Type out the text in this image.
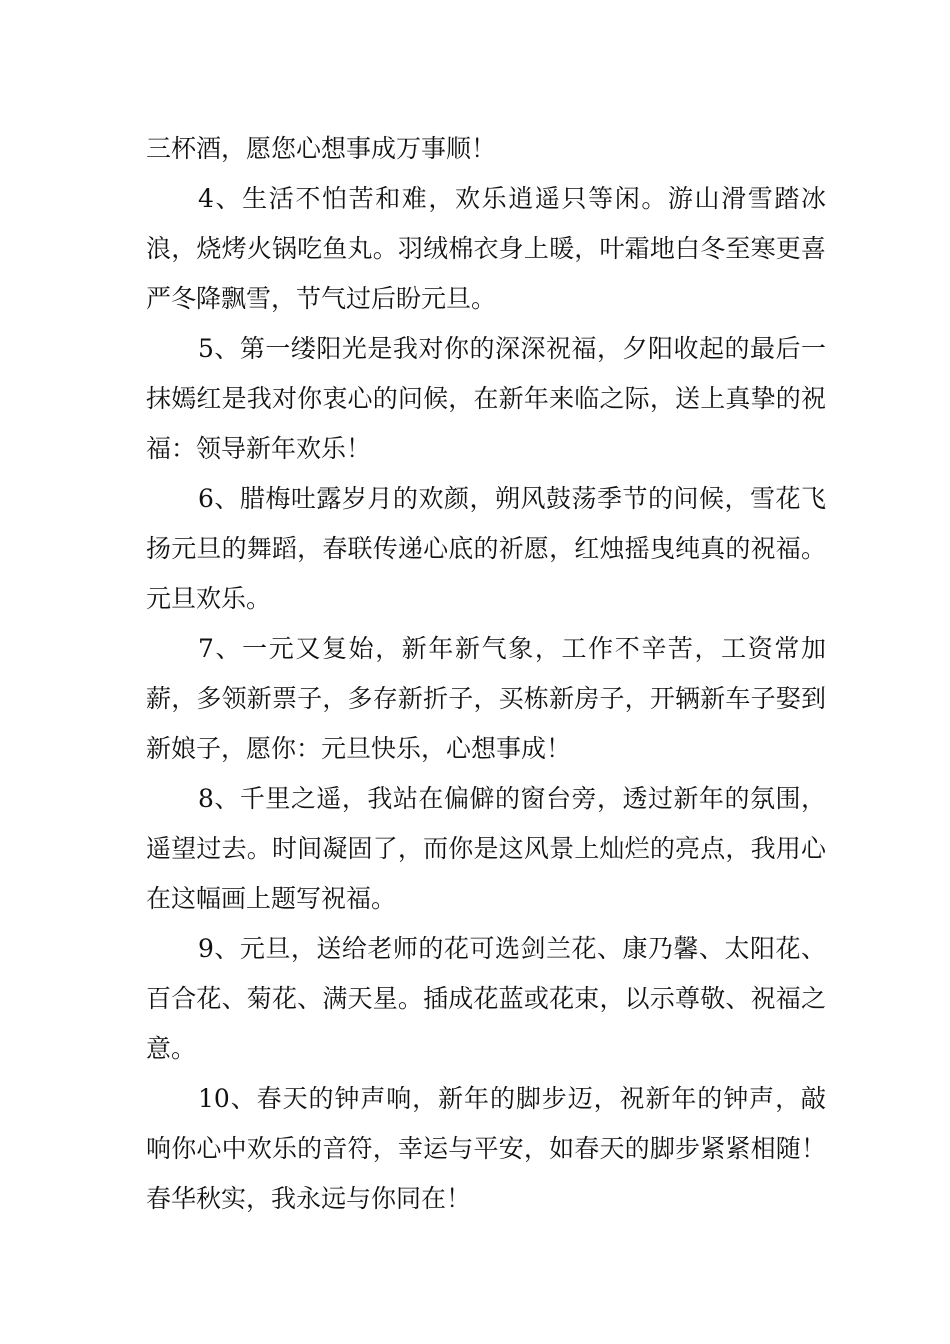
三杯酒，愿您心想事成万事顺！

4、生活不怕苦和难，欢乐逍遥只等闲。游山滑雪踏冰浪，烧烤火锅吃鱼丸。羽绒棉衣身上暖，叶霜地白冬至寒更喜严冬降飘雪，节气过后盼元旦。

5、第一缕阳光是我对你的深深祝福，夕阳收起的最后一抹嫣红是我对你衷心的问候，在新年来临之际，送上真挚的祝福：领导新年欢乐！

6、腊梅吐露岁月的欢颜，朔风鼓荡季节的问候，雪花飞扬元旦的舞蹈，春联传递心底的祈愿，红烛摇曳纯真的祝福。元旦欢乐。

7、一元又复始，新年新气象，工作不辛苦，工资常加薪，多领新票子，多存新折子，买栋新房子，开辆新车子娶到新娘子，愿你：元旦快乐，心想事成！

8、千里之遥，我站在偏僻的窗台旁，透过新年的氛围，遥望过去。时间凝固了，而你是这风景上灿烂的亮点，我用心在这幅画上题写祝福。

9、元旦，送给老师的花可选剑兰花、康乃馨、太阳花、百合花、菊花、满天星。插成花蓝或花束，以示尊敬、祝福之意。

10、春天的钟声响，新年的脚步迈，祝新年的钟声，敲响你心中欢乐的音符，幸运与平安，如春天的脚步紧紧相随！春华秋实，我永远与你同在！
